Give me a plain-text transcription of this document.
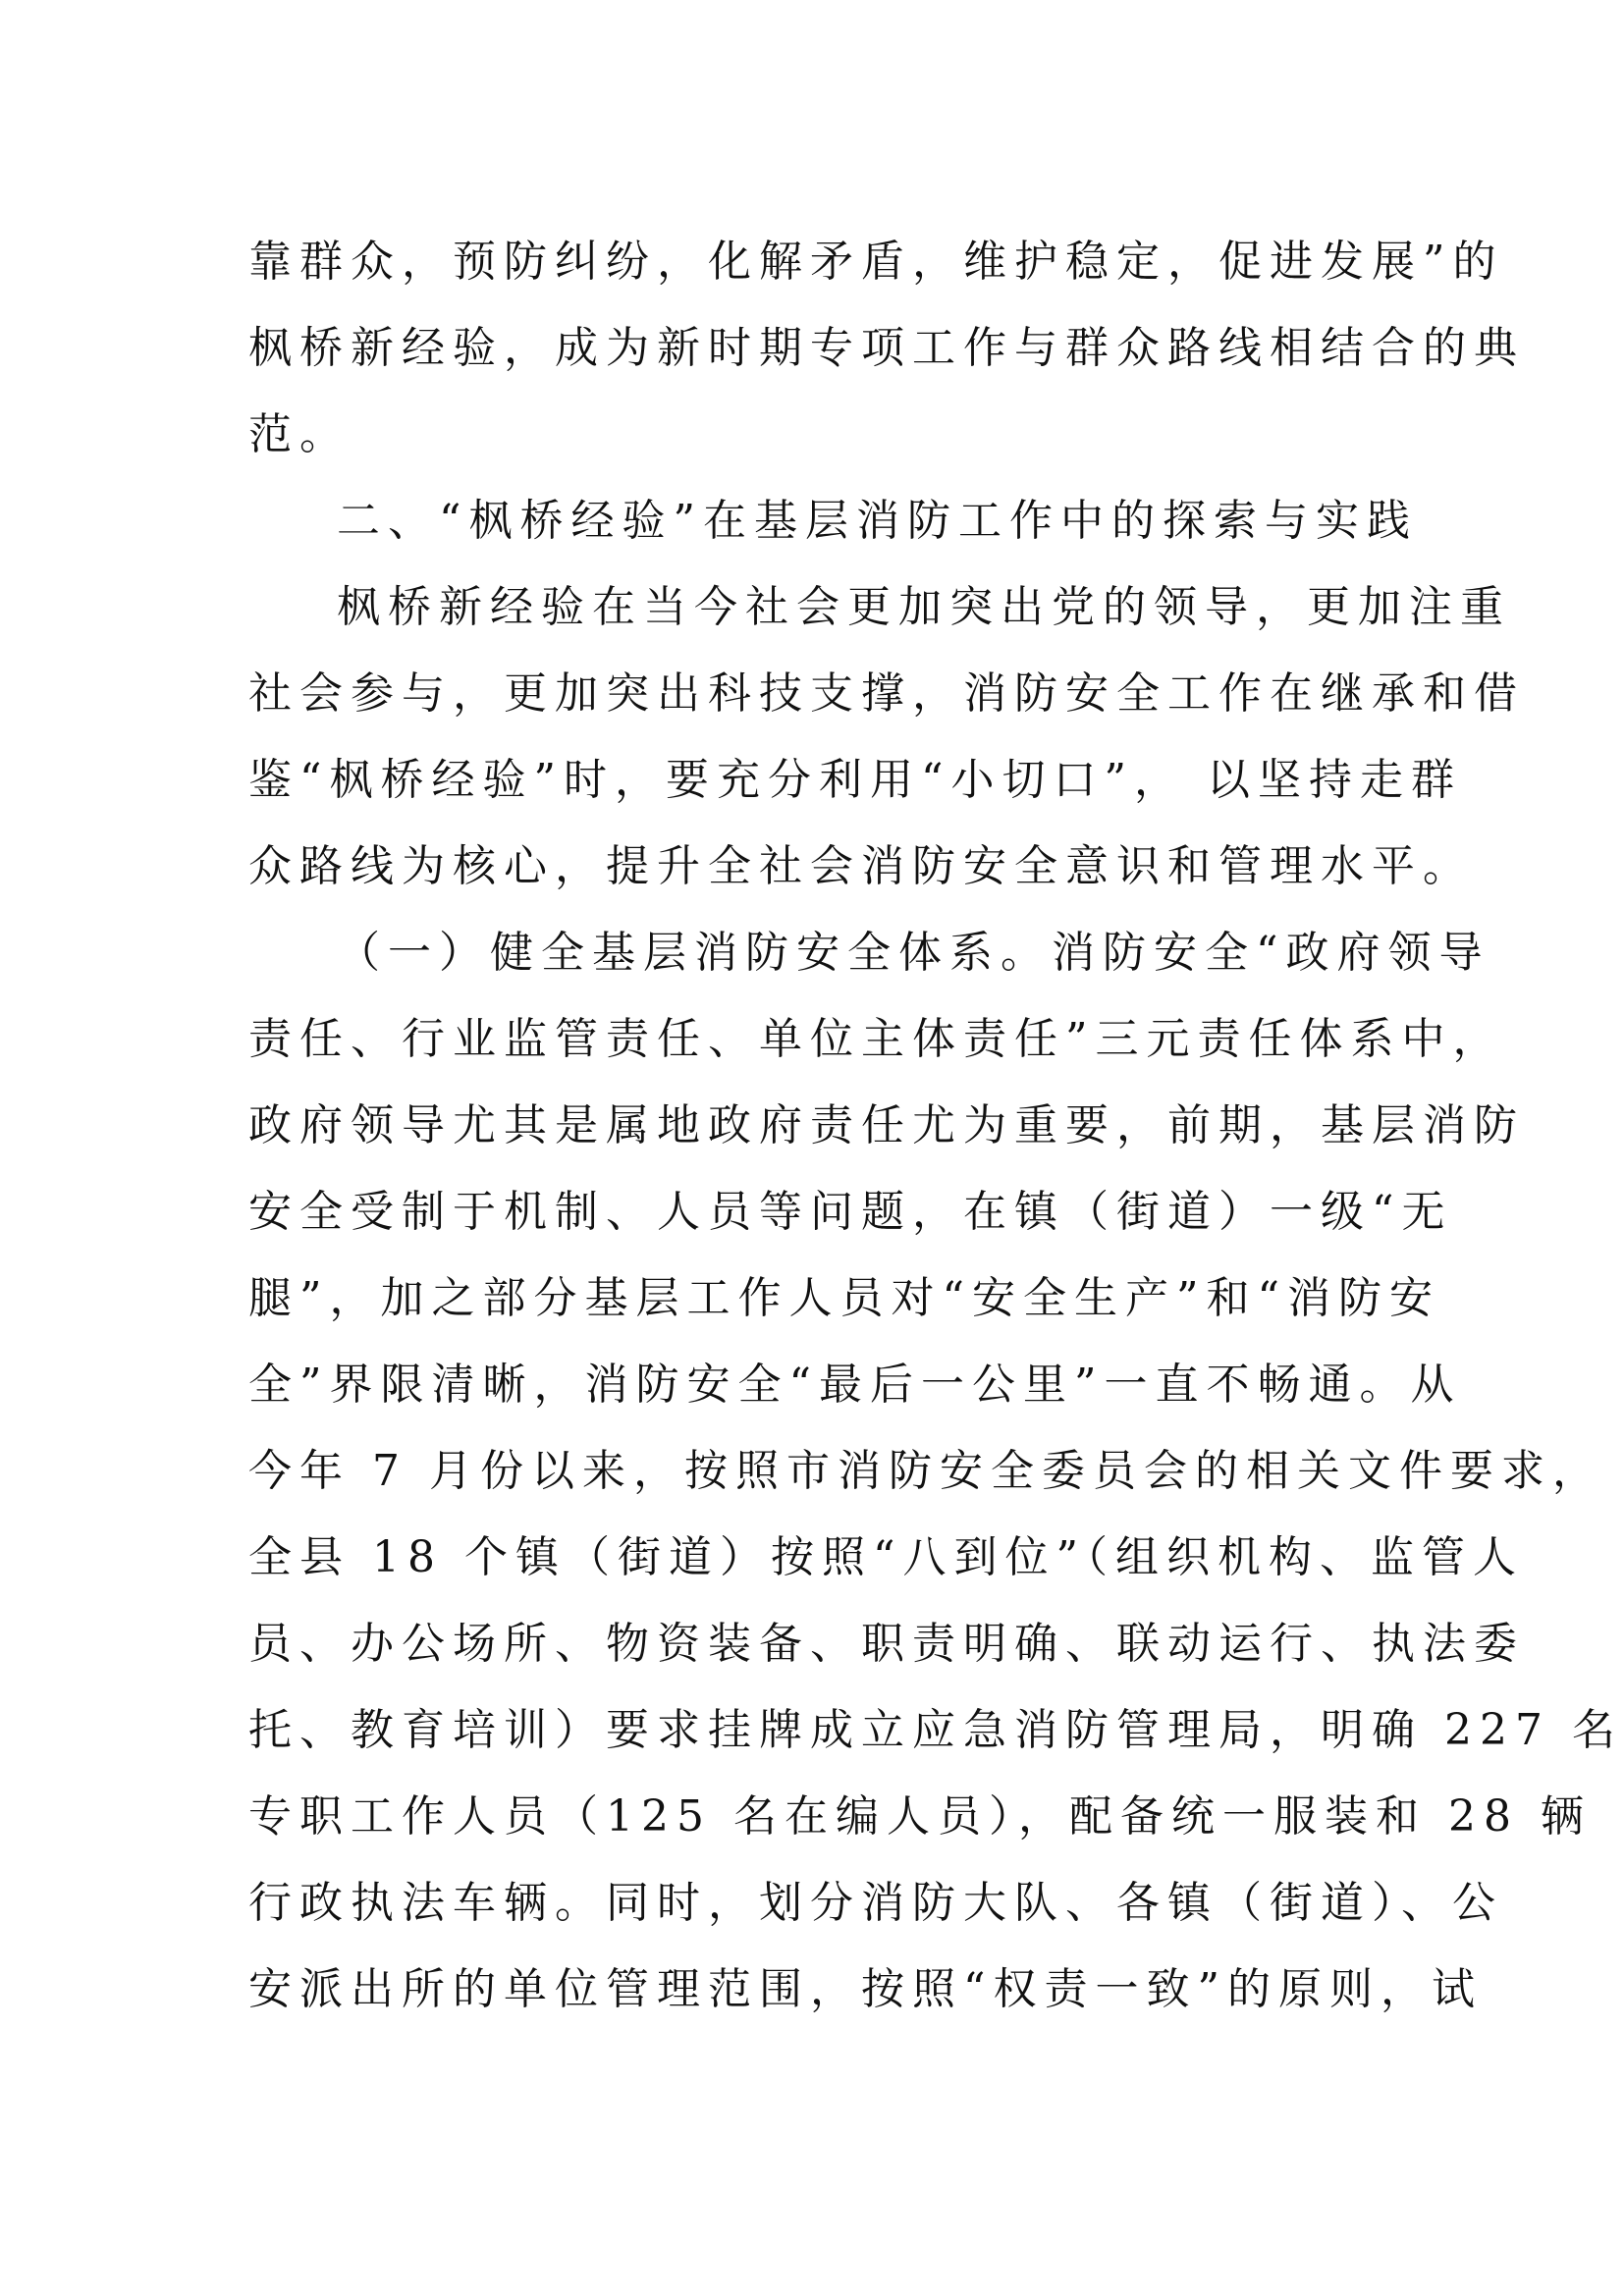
靠群众，预防纠纷，化解矛盾，维护稳定，促进发展”的

枫桥新经验，成为新时期专项工作与群众路线相结合的典

范。

二、“枫桥经验”在基层消防工作中的探索与实践

枫桥新经验在当今社会更加突出党的领导，更加注重

社会参与，更加突出科技支撑，消防安全工作在继承和借

鉴“枫桥经验”时，要充分利用“小切口”， 以坚持走群

众路线为核心，提升全社会消防安全意识和管理水平。

（一）健全基层消防安全体系。消防安全“政府领导

责任、行业监管责任、单位主体责任”三元责任体系中，

政府领导尤其是属地政府责任尤为重要，前期，基层消防

安全受制于机制、人员等问题，在镇（街道）一级“无

腿”，加之部分基层工作人员对“安全生产”和“消防安

全”界限清晰，消防安全“最后一公里”一直不畅通。从

今年 7 月份以来，按照市消防安全委员会的相关文件要求，

全县 18 个镇（街道）按照“八到位”（组织机构、监管人

员、办公场所、物资装备、职责明确、联动运行、执法委

托、教育培训）要求挂牌成立应急消防管理局，明确 227 名

专职工作人员（125 名在编人员），配备统一服装和 28 辆

行政执法车辆。同时，划分消防大队、各镇（街道）、公

安派出所的单位管理范围，按照“权责一致”的原则，试
